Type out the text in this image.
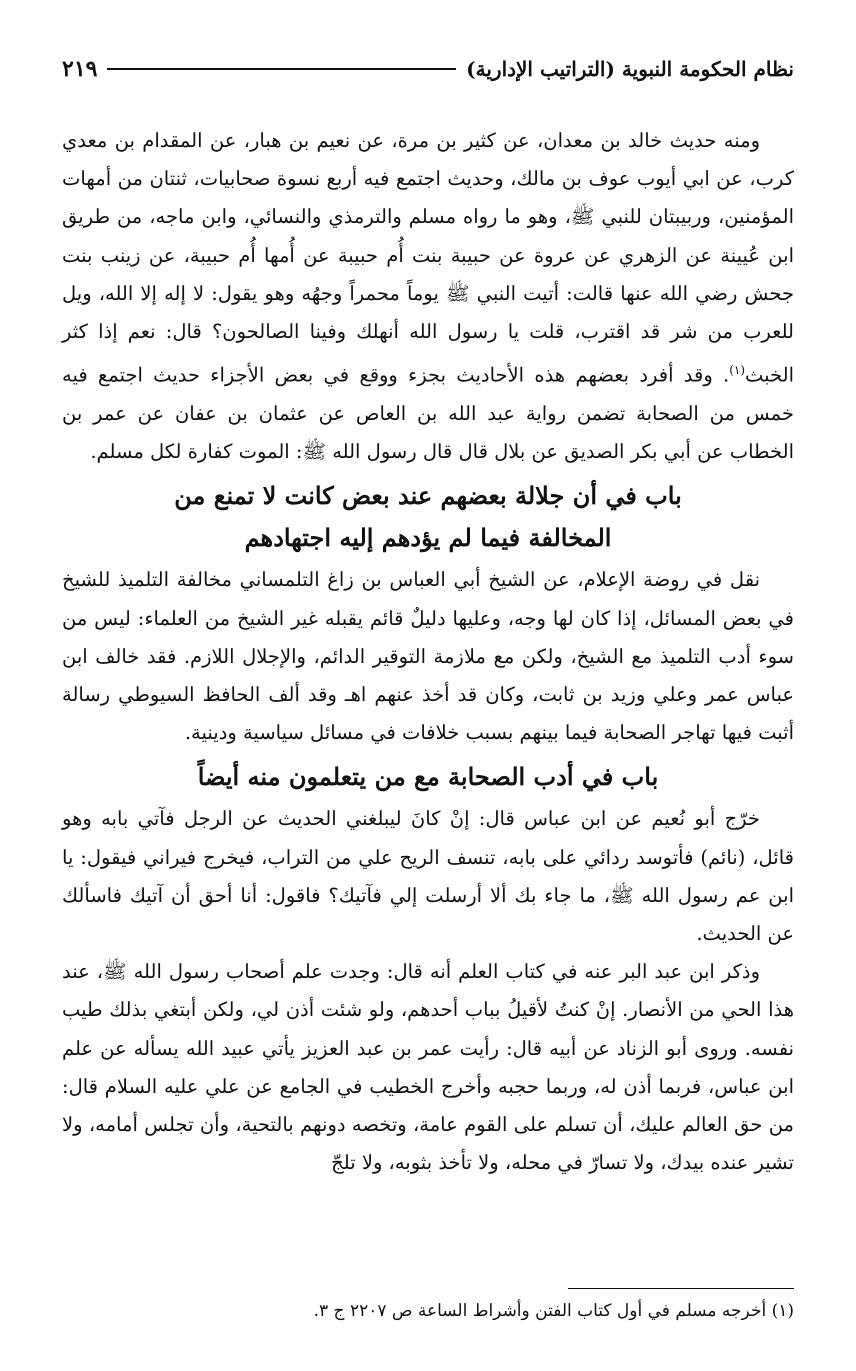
نظام الحكومة النبوية (التراتيب الإدارية)
٢١٩

ومنه حديث خالد بن معدان، عن كثير بن مرة، عن نعيم بن هبار، عن المقدام بن معدي كرب، عن ابي أيوب عوف بن مالك، وحديث اجتمع فيه أربع نسوة صحابيات، ثنتان من أمهات المؤمنين، وربيبتان للنبي ﷺ، وهو ما رواه مسلم والترمذي والنسائي، وابن ماجه، من طريق ابن عُيينة عن الزهري عن عروة عن حبيبة بنت أُم حبيبة عن أُمها أُم حبيبة، عن زينب بنت جحش رضي الله عنها قالت: أتيت النبي ﷺ يوماً محمراً وجهُه وهو يقول: لا إله إلا الله، ويل للعرب من شر قد اقترب، قلت يا رسول الله أنهلك وفينا الصالحون؟ قال: نعم إذا كثر الخبث$^{(١)}$. وقد أفرد بعضهم هذه الأحاديث بجزء ووقع في بعض الأجزاء حديث اجتمع فيه خمس من الصحابة تضمن رواية عبد الله بن العاص عن عثمان بن عفان عن عمر بن الخطاب عن أبي بكر الصديق عن بلال قال قال رسول الله ﷺ: الموت كفارة لكل مسلم.

باب في أن جلالة بعضهم عند بعض كانت لا تمنع من
المخالفة فيما لم يؤدهم إليه اجتهادهم

نقل في روضة الإعلام، عن الشيخ أبي العباس بن زاغ التلمساني مخالفة التلميذ للشيخ في بعض المسائل، إذا كان لها وجه، وعليها دليلٌ قائم يقبله غير الشيخ من العلماء: ليس من سوء أدب التلميذ مع الشيخ، ولكن مع ملازمة التوقير الدائم، والإجلال اللازم. فقد خالف ابن عباس عمر وعلي وزيد بن ثابت، وكان قد أخذ عنهم اهـ وقد ألف الحافظ السيوطي رسالة أثبت فيها تهاجر الصحابة فيما بينهم بسبب خلافات في مسائل سياسية ودينية.

باب في أدب الصحابة مع من يتعلمون منه أيضاً

خرّج أبو نُعيم عن ابن عباس قال: إنْ كانَ ليبلغني الحديث عن الرجل فآتي بابه وهو قائل، (نائم) فأتوسد ردائي على بابه، تنسف الريح علي من التراب، فيخرج فيراني فيقول: يا ابن عم رسول الله ﷺ، ما جاء بك ألا أرسلت إلي فآتيك؟ فاقول: أنا أحق أن آتيك فاسألك عن الحديث.

وذكر ابن عبد البر عنه في كتاب العلم أنه قال: وجدت علم أصحاب رسول الله ﷺ، عند هذا الحي من الأنصار. إنْ كنتُ لأقيلُ بباب أحدهم، ولو شئت أذن لي، ولكن أبتغي بذلك طيب نفسه. وروى أبو الزناد عن أبيه قال: رأيت عمر بن عبد العزيز يأتي عبيد الله يسأله عن علم ابن عباس، فربما أذن له، وربما حجبه وأخرج الخطيب في الجامع عن علي عليه السلام قال: من حق العالم عليك، أن تسلم على القوم عامة، وتخصه دونهم بالتحية، وأن تجلس أمامه، ولا تشير عنده بيدك، ولا تسارّ في محله، ولا تأخذ بثوبه، ولا تلجّ

(١) أخرجه مسلم في أول كتاب الفتن وأشراط الساعة ص ٢٢٠٧ ج ٣.
